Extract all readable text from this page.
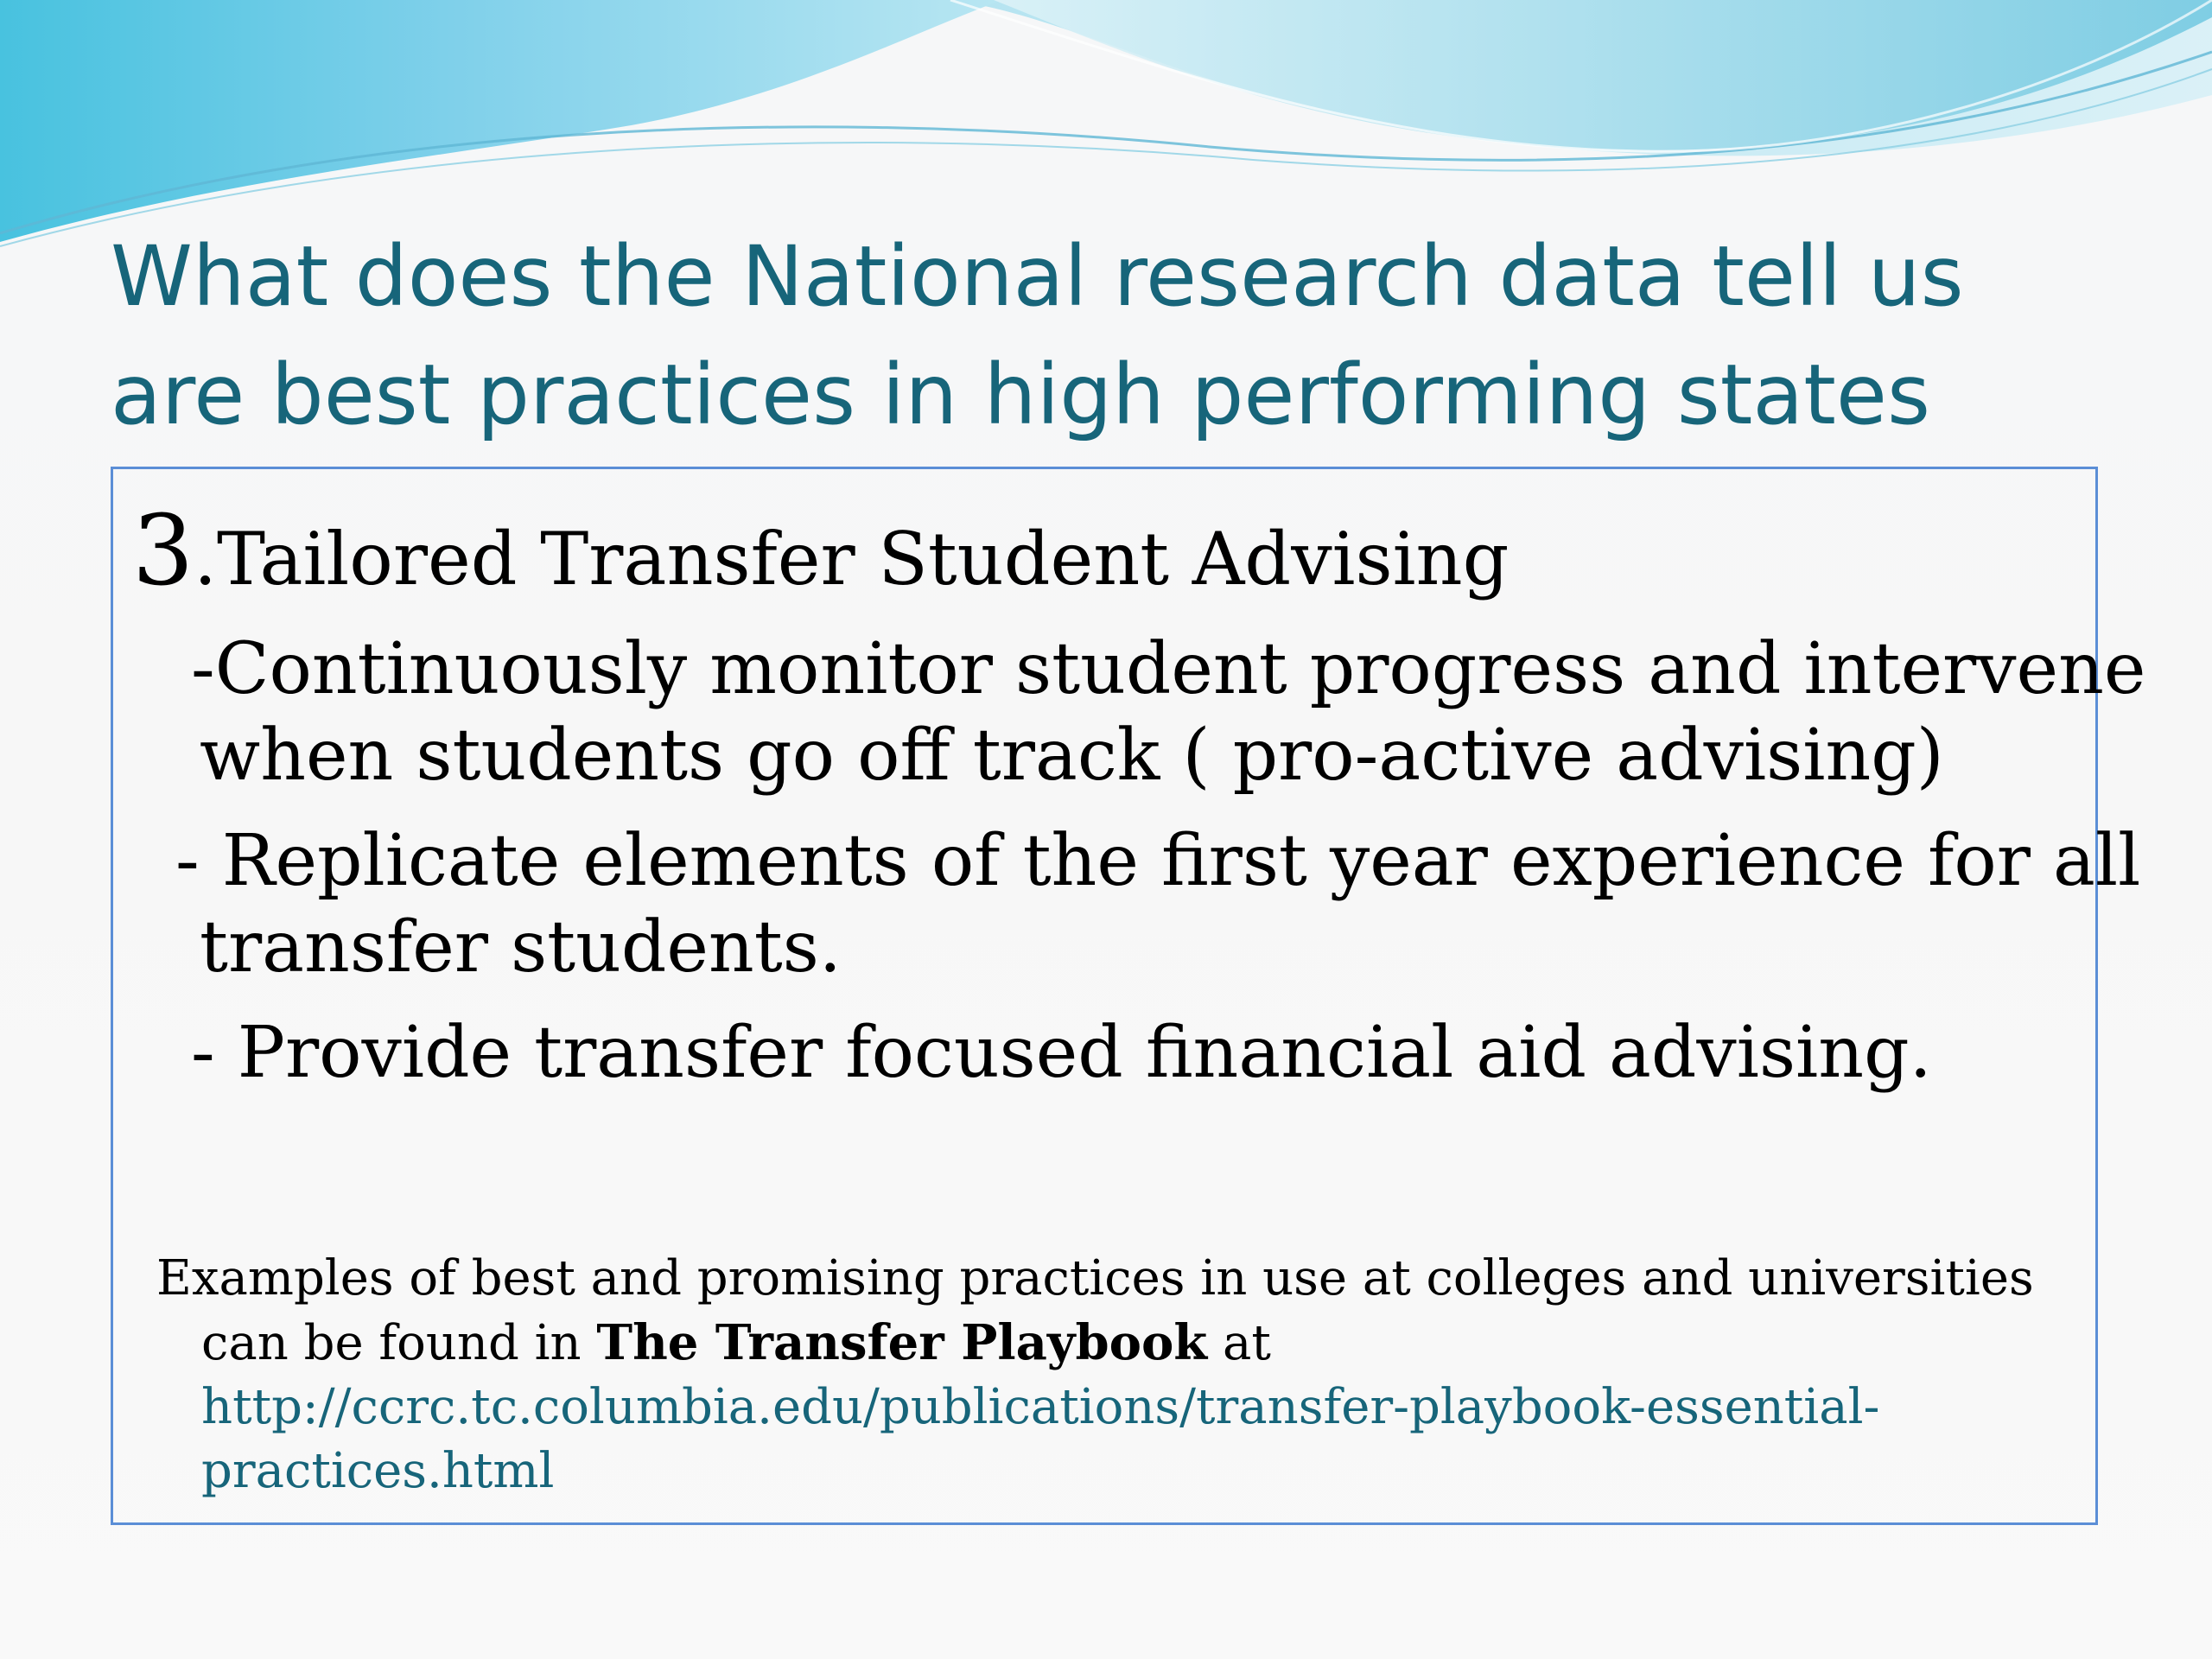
What does the National research data tell us are best practices in high performing states
3.Tailored Transfer Student Advising
-Continuously monitor student progress and intervene
when students go off track ( pro-active advising)
- Replicate elements of the first year experience for all
transfer students.
- Provide transfer focused financial aid advising.
Examples of best and promising practices in use at colleges and universities
can be found in The Transfer Playbook at
http://ccrc.tc.columbia.edu/publications/transfer-playbook-essential-
practices.html
